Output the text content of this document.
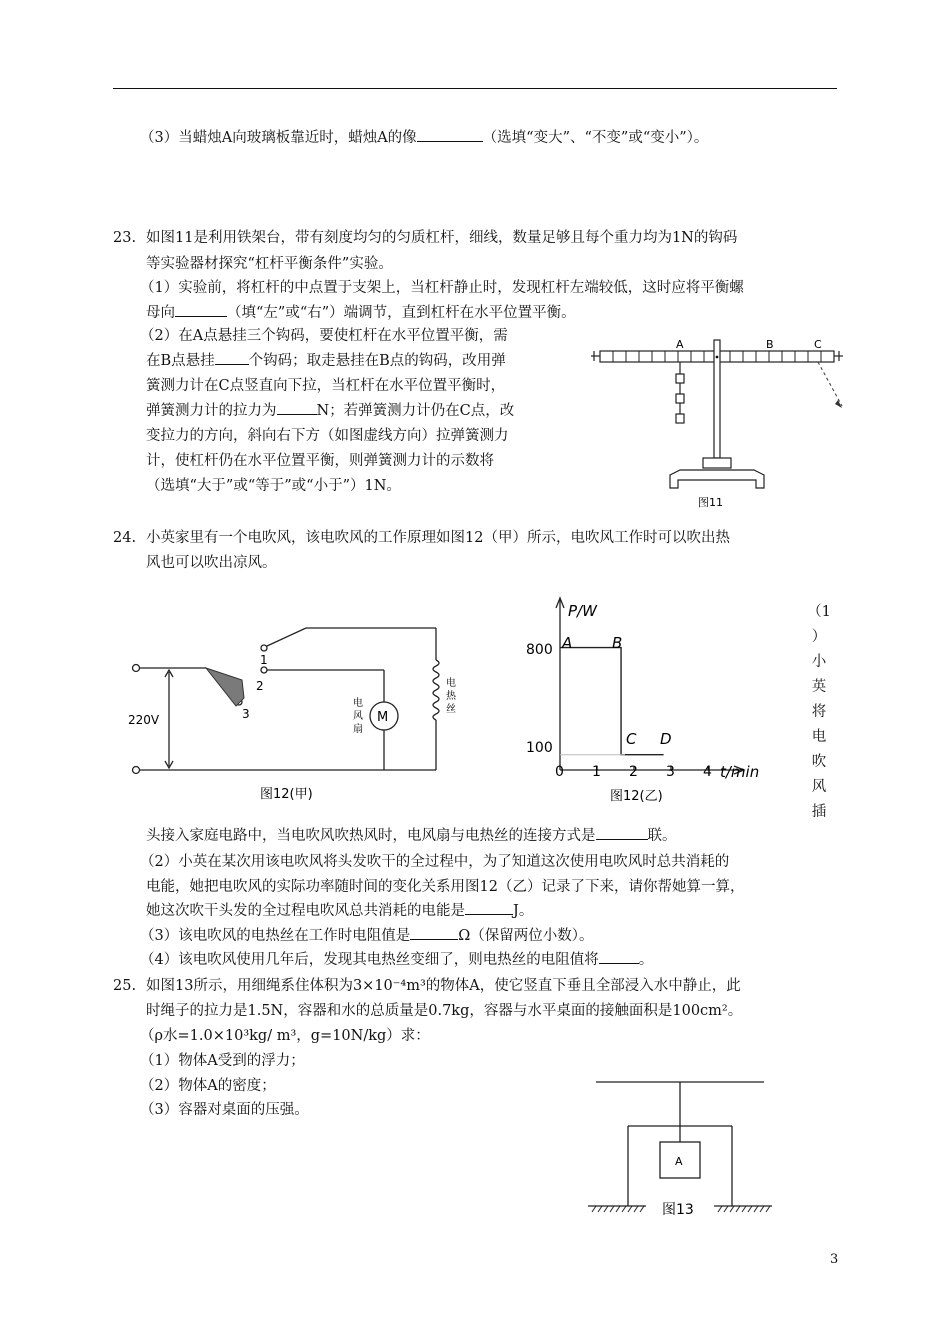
（3）当蜡烛A向玻璃板靠近时，蜡烛A的像	（选填“变大”、“不变”或“变小”）。
23. 如图11是利用铁架台，带有刻度均匀的匀质杠杆，细线，数量足够且每个重力均为1N的钩码
等实验器材探究“杠杆平衡条件”实验。
（1）实验前，将杠杆的中点置于支架上，当杠杆静止时，发现杠杆左端较低，这时应将平衡螺
母向	（填“左”或“右”）端调节，直到杠杆在水平位置平衡。
（2）在A点悬挂三个钩码，要使杠杆在水平位置平衡，需
在B点悬挂 个钩码；取走悬挂在B点的钩码，改用弹
簧测力计在C点竖直向下拉，当杠杆在水平位置平衡时，
弹簧测力计的拉力为	N；若弹簧测力计仍在C点，改
变拉力的方向，斜向右下方（如图虚线方向）拉弹簧测力
计，使杠杆仍在水平位置平衡，则弹簧测力计的示数将
（选填“大于”或“等于”或“小于”）1N。
A	B	C
图11
24. 小英家里有一个电吹风，该电吹风的工作原理如图12（甲）所示，电吹风工作时可以吹出热
风也可以吹出凉风。
220V
1
2
3	M
电
风
扇
电
热
丝
图12(甲)
P/W
t/min
800
100
0 1 2 3 4
A	B
C D
图12(乙)
（1
）
小
英
将
电
吹
风
插
头接入家庭电路中，当电吹风吹热风时，电风扇与电热丝的连接方式是	联。
（2）小英在某次用该电吹风将头发吹干的全过程中，为了知道这次使用电吹风时总共消耗的
电能，她把电吹风的实际功率随时间的变化关系用图12（乙）记录了下来，请你帮她算一算，
她这次吹干头发的全过程电吹风总共消耗的电能是	J。
（3）该电吹风的电热丝在工作时电阻值是	Ω（保留两位小数）。
（4）该电吹风使用几年后，发现其电热丝变细了，则电热丝的电阻值将	。
25. 如图13所示，用细绳系住体积为3×10⁻⁴m³的物体A，使它竖直下垂且全部浸入水中静止，此
时绳子的拉力是1.5N，容器和水的总质量是0.7kg，容器与水平桌面的接触面积是100cm²。
（ρ水=1.0×10³kg/ m³，g=10N/kg）求：
（1）物体A受到的浮力；
（2）物体A的密度；
（3）容器对桌面的压强。
A
图13
3
